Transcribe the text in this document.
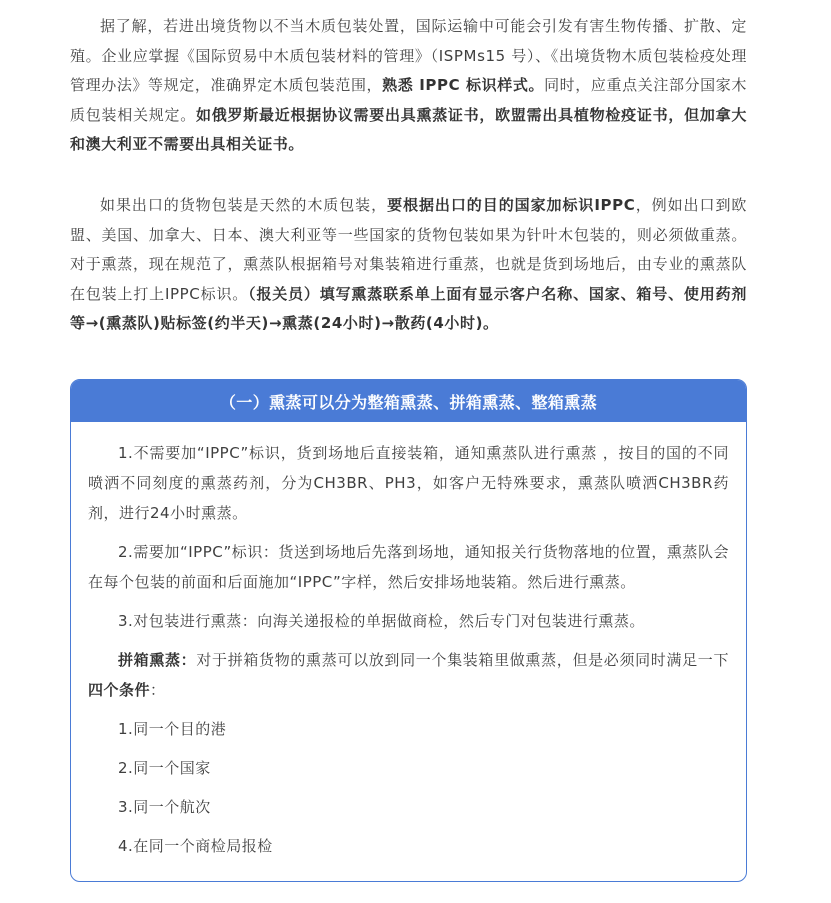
据了解，若进出境货物以不当木质包装处置，国际运输中可能会引发有害生物传播、扩散、定殖。企业应掌握《国际贸易中木质包装材料的管理》（ISPMs15 号）、《出境货物木质包装检疫处理管理办法》等规定，准确界定木质包装范围，熟悉 IPPC 标识样式。同时，应重点关注部分国家木质包装相关规定。如俄罗斯最近根据协议需要出具熏蒸证书，欧盟需出具植物检疫证书，但加拿大和澳大利亚不需要出具相关证书。

如果出口的货物包装是天然的木质包装，要根据出口的目的国家加标识IPPC，例如出口到欧盟、美国、加拿大、日本、澳大利亚等一些国家的货物包装如果为针叶木包装的，则必须做重蒸。对于熏蒸，现在规范了，熏蒸队根据箱号对集装箱进行重蒸，也就是货到场地后，由专业的熏蒸队在包装上打上IPPC标识。（报关员）填写熏蒸联系单上面有显示客户名称、国家、箱号、使用药剂等→(熏蒸队)贴标签(约半天)→熏蒸(24小时)→散药(4小时)。

（一）熏蒸可以分为整箱熏蒸、拼箱熏蒸、整箱熏蒸

1.不需要加“IPPC”标识，货到场地后直接装箱，通知熏蒸队进行熏蒸 ，按目的国的不同喷洒不同刻度的熏蒸药剂，分为CH3BR、PH3，如客户无特殊要求，熏蒸队喷洒CH3BR药剂，进行24小时熏蒸。

2.需要加“IPPC”标识：货送到场地后先落到场地，通知报关行货物落地的位置，熏蒸队会在每个包装的前面和后面施加“IPPC”字样，然后安排场地装箱。然后进行熏蒸。

3.对包装进行熏蒸：向海关递报检的单据做商检，然后专门对包装进行熏蒸。

拼箱熏蒸：对于拼箱货物的熏蒸可以放到同一个集装箱里做熏蒸，但是必须同时满足一下四个条件：

1.同一个目的港

2.同一个国家

3.同一个航次

4.在同一个商检局报检
